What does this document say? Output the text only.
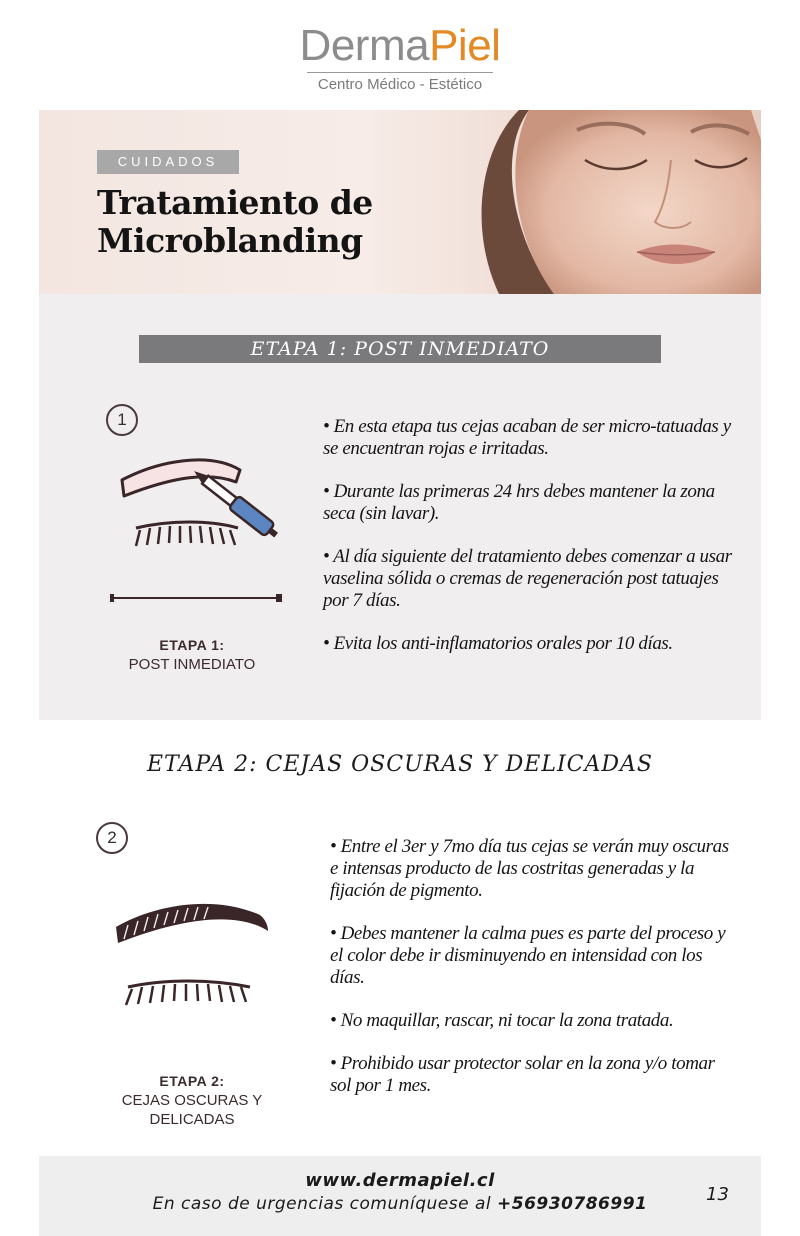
DermaPiel
Centro Médico - Estético
CUIDADOS
Tratamiento de
Microblanding
ETAPA 1: POST INMEDIATO
1
ETAPA 1:
POST INMEDIATO

• En esta etapa tus cejas acaban de ser micro-tatuadas y se encuentran rojas e irritadas.

• Durante las primeras 24 hrs debes mantener la zona seca (sin lavar).

• Al día siguiente del tratamiento debes comenzar a usar vaselina sólida o cremas de regeneración post tatuajes por 7 días.

• Evita los anti-inflamatorios orales por 10 días.

ETAPA 2: CEJAS OSCURAS Y DELICADAS
2
ETAPA 2:
CEJAS OSCURAS Y
DELICADAS

• Entre el 3er y 7mo día tus cejas se verán muy oscuras e intensas producto de las costritas generadas y la fijación de pigmento.

• Debes mantener la calma pues es parte del proceso y el color debe ir disminuyendo en intensidad con los días.

• No maquillar, rascar, ni tocar la zona tratada.

• Prohibido usar protector solar en la zona y/o tomar sol por 1 mes.

www.dermapiel.cl
En caso de urgencias comuníquese al +56930786991	13
